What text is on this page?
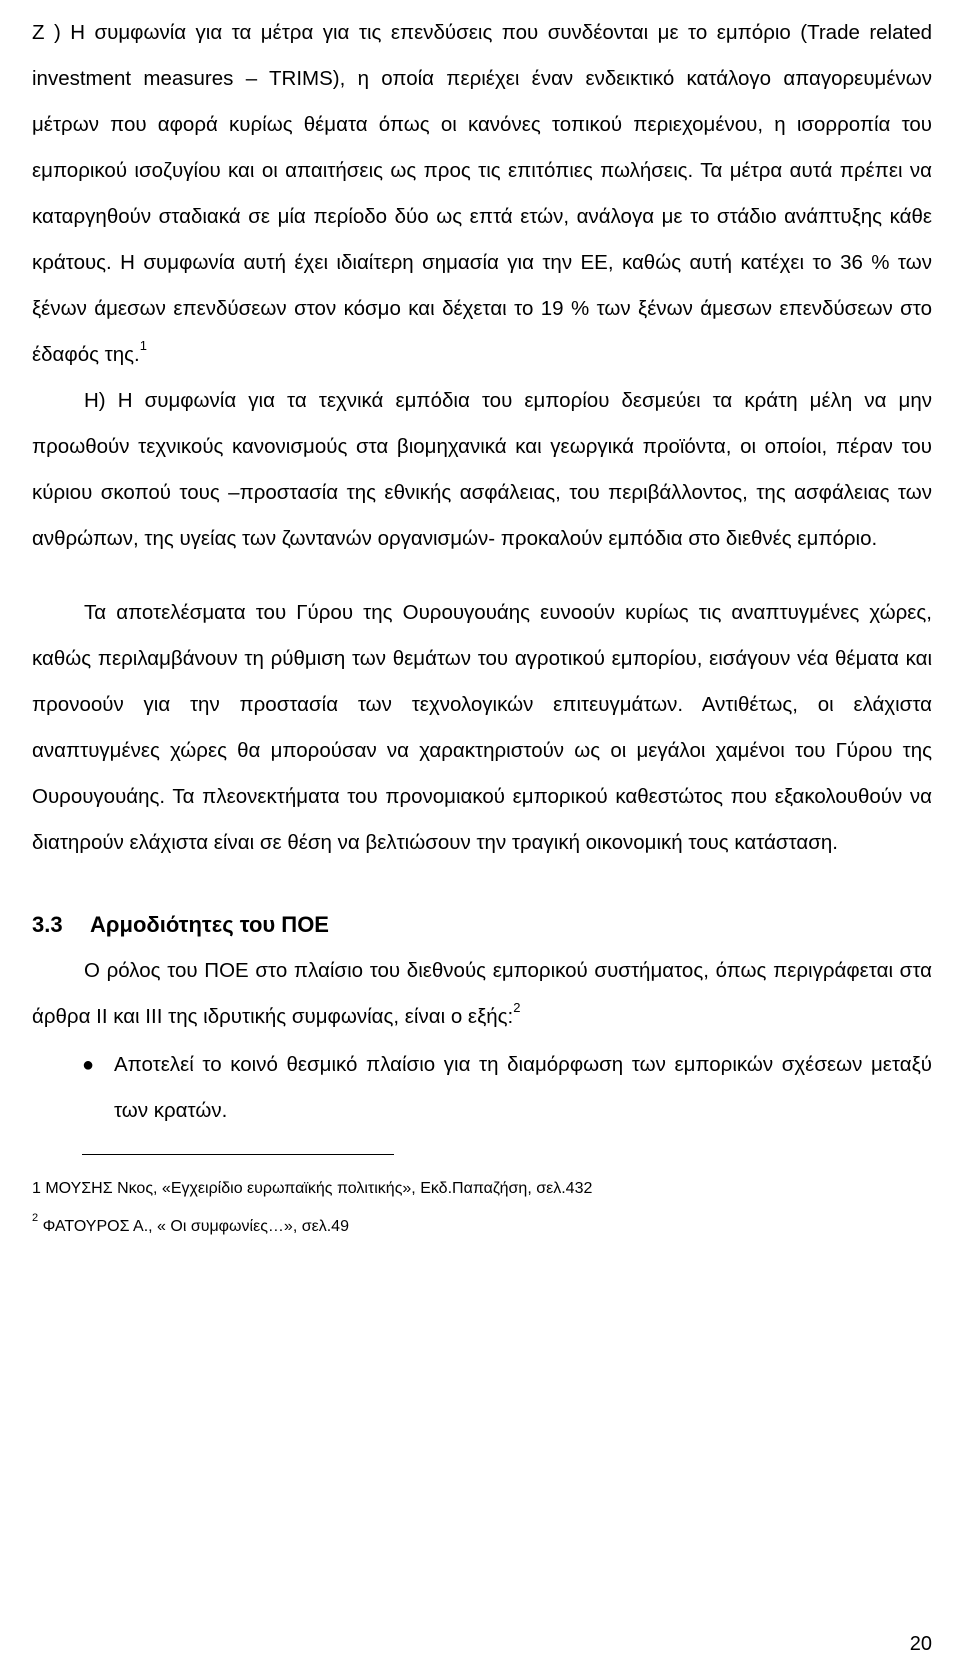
Ζ ) Η συμφωνία για τα μέτρα για τις επενδύσεις που συνδέονται με το εμπόριο (Trade related investment measures – TRIMS), η οποία περιέχει έναν ενδεικτικό κατάλογο απαγορευμένων μέτρων που αφορά κυρίως θέματα όπως οι κανόνες τοπικού περιεχομένου, η ισορροπία του εμπορικού ισοζυγίου και οι απαιτήσεις ως προς τις επιτόπιες πωλήσεις. Τα μέτρα αυτά πρέπει να καταργηθούν σταδιακά σε μία περίοδο δύο ως επτά ετών, ανάλογα με το στάδιο ανάπτυξης κάθε κράτους. Η συμφωνία αυτή έχει ιδιαίτερη σημασία για την ΕΕ, καθώς αυτή κατέχει το 36 % των ξένων άμεσων επενδύσεων στον κόσμο και δέχεται το 19 % των ξένων άμεσων επενδύσεων στο έδαφός της.$^1$

Η) Η συμφωνία για τα τεχνικά εμπόδια του εμπορίου δεσμεύει τα κράτη μέλη να μην προωθούν τεχνικούς κανονισμούς στα βιομηχανικά και γεωργικά προϊόντα, οι οποίοι, πέραν του κύριου σκοπού τους –προστασία της εθνικής ασφάλειας, του περιβάλλοντος, της ασφάλειας των ανθρώπων, της υγείας των ζωντανών οργανισμών- προκαλούν εμπόδια στο διεθνές εμπόριο.

Τα αποτελέσματα του Γύρου της Ουρουγουάης ευνοούν κυρίως τις αναπτυγμένες χώρες, καθώς περιλαμβάνουν τη ρύθμιση των θεμάτων του αγροτικού εμπορίου, εισάγουν νέα θέματα και προνοούν για την προστασία των τεχνολογικών επιτευγμάτων. Αντιθέτως, οι ελάχιστα αναπτυγμένες χώρες θα μπορούσαν να χαρακτηριστούν ως οι μεγάλοι χαμένοι του Γύρου της Ουρουγουάης. Τα πλεονεκτήματα του προνομιακού εμπορικού καθεστώτος που εξακολουθούν να διατηρούν ελάχιστα είναι σε θέση να βελτιώσουν την τραγική οικονομική τους κατάσταση.

3.3 Αρμοδιότητες του ΠΟΕ

Ο ρόλος του ΠΟΕ στο πλαίσιο του διεθνούς εμπορικού συστήματος, όπως περιγράφεται στα άρθρα II και III της ιδρυτικής συμφωνίας, είναι ο εξής:$^2$

● Αποτελεί το κοινό θεσμικό πλαίσιο για τη διαμόρφωση των εμπορικών σχέσεων μεταξύ των κρατών.

1 ΜΟΥΣΗΣ Νκος, «Εγχειρίδιο ευρωπαϊκής πολιτικής», Εκδ.Παπαζήση, σελ.432

$^2$ ΦΑΤΟΥΡΟΣ Α., « Οι συμφωνίες…», σελ.49

20
